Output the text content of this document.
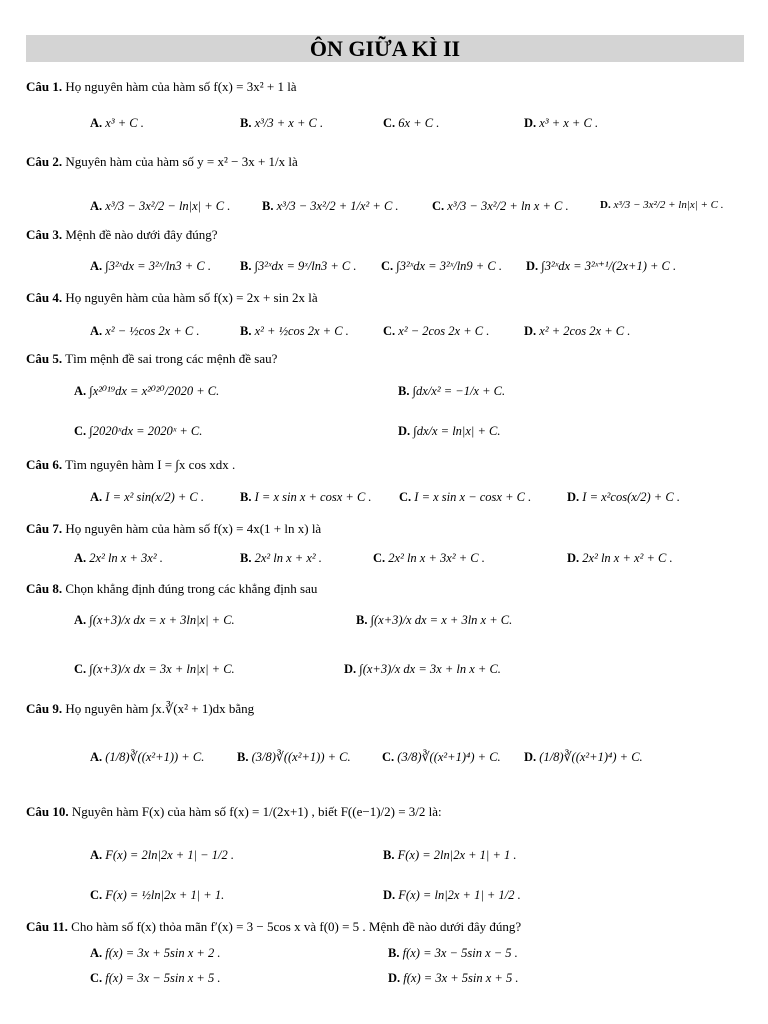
ÔN GIỮA KÌ II
Câu 1. Họ nguyên hàm của hàm số f(x) = 3x² + 1 là
A. x³ + C .	B. x³/3 + x + C .	C. 6x + C .	D. x³ + x + C .
Câu 2. Nguyên hàm của hàm số y = x² − 3x + 1/x là
A. x³/3 − 3x²/2 − ln|x| + C .	B. x³/3 − 3x²/2 + 1/x² + C .	C. x³/3 − 3x²/2 + ln x + C .	D. x³/3 − 3x²/2 + ln|x| + C .
Câu 3. Mệnh đề nào dưới đây đúng?
A. ∫3²ˣdx = 3²ˣ/ln3 + C . B. ∫3²ˣdx = 9ˣ/ln3 + C . C. ∫3²ˣdx = 3²ˣ/ln9 + C . D. ∫3²ˣdx = 3²ˣ⁺¹/(2x+1) + C .
Câu 4. Họ nguyên hàm của hàm số f(x) = 2x + sin 2x là
A. x² − ½cos 2x + C .	B. x² + ½cos 2x + C .	C. x² − 2cos 2x + C .	D. x² + 2cos 2x + C .
Câu 5. Tìm mệnh đề sai trong các mệnh đề sau?
A. ∫x²⁰¹⁹dx = x²⁰²⁰/2020 + C.	B. ∫dx/x² = −1/x + C.
C. ∫2020ˣdx = 2020ˣ + C.	D. ∫dx/x = ln|x| + C.
Câu 6. Tìm nguyên hàm I = ∫x cos xdx .
A. I = x² sin(x/2) + C .	B. I = x sin x + cosx + C . C. I = x sin x − cosx + C .	D. I = x²cos(x/2) + C .
Câu 7. Họ nguyên hàm của hàm số f(x) = 4x(1 + ln x) là
A. 2x² ln x + 3x² .	B. 2x² ln x + x² .	C. 2x² ln x + 3x² + C .	D. 2x² ln x + x² + C .
Câu 8. Chọn khẳng định đúng trong các khẳng định sau
A. ∫(x+3)/x dx = x + 3ln|x| + C.	B. ∫(x+3)/x dx = x + 3ln x + C.
C. ∫(x+3)/x dx = 3x + ln|x| + C.	D. ∫(x+3)/x dx = 3x + ln x + C.
Câu 9. Họ nguyên hàm ∫x.∛(x² + 1)dx bằng
A. (1/8)∛((x²+1)) + C.	B. (3/8)∛((x²+1)) + C.	C. (3/8)∛((x²+1)⁴) + C. D. (1/8)∛((x²+1)⁴) + C.
Câu 10. Nguyên hàm F(x) của hàm số f(x) = 1/(2x+1) , biết F((e−1)/2) = 3/2 là:
A. F(x) = 2ln|2x + 1| − 1/2 .	B. F(x) = 2ln|2x + 1| + 1 .
C. F(x) = ½ln|2x + 1| + 1.	D. F(x) = ln|2x + 1| + 1/2 .
Câu 11. Cho hàm số f(x) thỏa mãn f′(x) = 3 − 5cos x và f(0) = 5 . Mệnh đề nào dưới đây đúng?
A. f(x) = 3x + 5sin x + 2 .	B. f(x) = 3x − 5sin x − 5 .
C. f(x) = 3x − 5sin x + 5 .	D. f(x) = 3x + 5sin x + 5 .
